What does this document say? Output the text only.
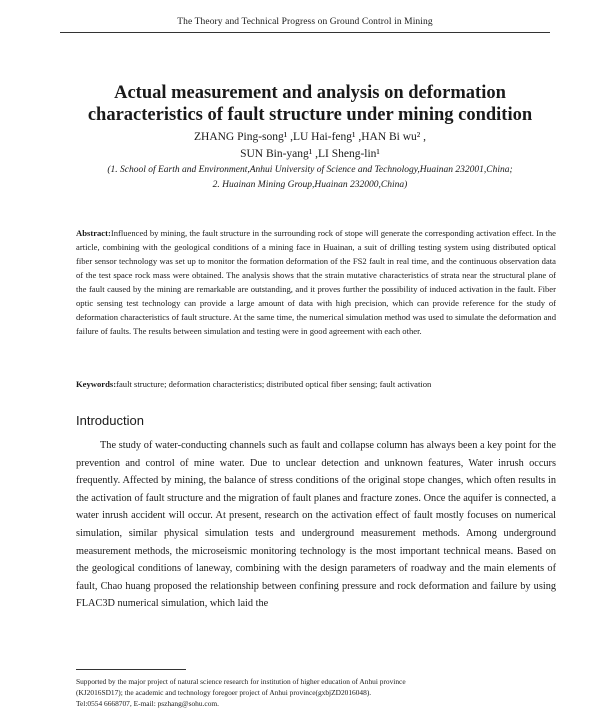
The Theory and Technical Progress on Ground Control in Mining
Actual measurement and analysis on deformation characteristics of fault structure under mining condition
ZHANG Ping-song¹ ,LU Hai-feng¹ ,HAN Bi wu² ,
SUN Bin-yang¹ ,LI Sheng-lin¹
(1. School of Earth and Environment,Anhui University of Science and Technology,Huainan 232001,China;
2. Huainan Mining Group,Huainan 232000,China)
Abstract:Influenced by mining, the fault structure in the surrounding rock of stope will generate the corresponding activation effect. In the article, combining with the geological conditions of a mining face in Huainan, a suit of drilling testing system using distributed optical fiber sensor technology was set up to monitor the formation deformation of the FS2 fault in real time, and the continuous observation data of the test space rock mass were obtained. The analysis shows that the strain mutative characteristics of strata near the structural plane of the fault caused by the mining are remarkable are outstanding, and it proves further the possibility of induced activation in the fault. Fiber optic sensing test technology can provide a large amount of data with high precision, which can provide reference for the study of deformation characteristics of fault structure. At the same time, the numerical simulation method was used to simulate the deformation and failure of faults. The results between simulation and testing were in good agreement with each other.
Keywords:fault structure; deformation characteristics; distributed optical fiber sensing; fault activation
Introduction
The study of water-conducting channels such as fault and collapse column has always been a key point for the prevention and control of mine water. Due to unclear detection and unknown features, Water inrush occurs frequently. Affected by mining, the balance of stress conditions of the original stope changes, which often results in the activation of fault structure and the migration of fault planes and fracture zones. Once the aquifer is connected, a water inrush accident will occur. At present, research on the activation effect of fault mostly focuses on numerical simulation, similar physical simulation tests and underground measurement methods. Among underground measurement methods, the microseismic monitoring technology is the most important technical means. Based on the geological conditions of laneway, combining with the design parameters of roadway and the main elements of fault, Chao huang proposed the relationship between confining pressure and rock deformation and failure by using FLAC3D numerical simulation, which laid the
Supported by the major project of natural science research for institution of higher education of Anhui province
(KJ2016SD17); the academic and technology foregoer project of Anhui province(gxbjZD2016048).
Tel:0554 6668707, E-mail: pszhang@sohu.com.
